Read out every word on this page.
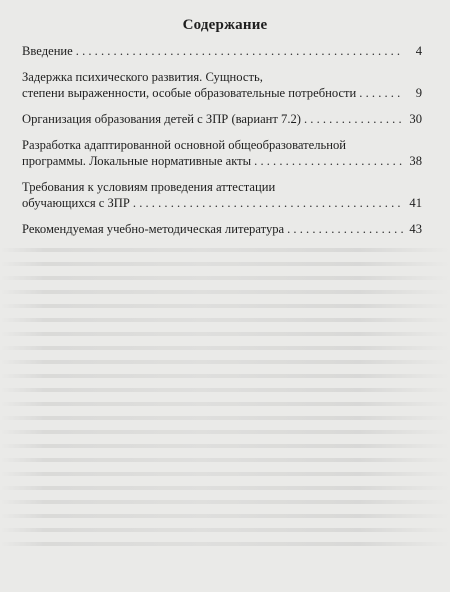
Содержание
Введение . . .	4
Задержка психического развития. Сущность,
степени выраженности, особые образовательные потребности . . .	9
Организация образования детей с ЗПР (вариант 7.2) . . .	30
Разработка адаптированной основной общеобразовательной
программы. Локальные нормативные акты . . .	38
Требования к условиям проведения аттестации
обучающихся с ЗПР . . .	41
Рекомендуемая учебно-методическая литература . . .	43
